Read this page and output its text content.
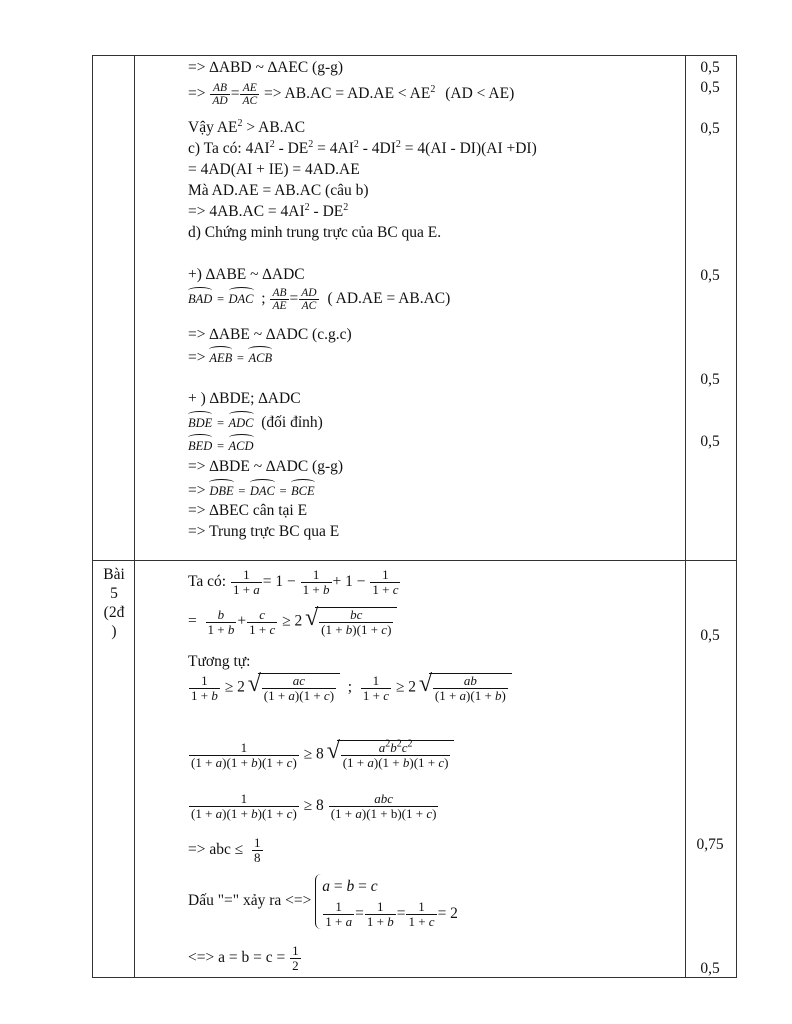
=> ∆ABD ~ ∆AEC (g-g)
=> $\frac{AB}{AD} = \frac{AE}{AC} => AB.AC = AD.AE < AE^2$ (AD < AE)
Vậy $AE^2 > AB.AC$
c) Ta có: $4AI^2 - DE^2 = 4AI^2 - 4DI^2 = 4(AI - DI)(AI +DI)$
= 4AD(AI + IE) = 4AD.AE
Mà AD.AE = AB.AC (câu b)
=> $4AB.AC = 4AI^2 - DE^2$
d) Chứng minh trung trực của BC qua E.
+) ∆ABE ~ ∆ADC
BAD = DAC  ; $\frac{AB}{AE} = \frac{AD}{AC}$ ( AD.AE = AB.AC)
=> ∆ABE ~ ∆ADC (c.g.c)
=> AEB = ACB
+ ) ∆BDE; ∆ADC
BDE = ADC (đối đỉnh)
BED = ACD
=> ∆BDE ~ ∆ADC (g-g)
=> DBE = DAC = BCE
=> ∆BEC cân tại E
=> Trung trực BC qua E
Bài
5
(2đ
)
Ta có: $\frac{1}{1 + a} = 1 - \frac{1}{1 + b} + 1 - \frac{1}{1 + c}$
= $\frac{b}{1 + b} + \frac{c}{1 + c} \ge 2$ √ $\frac{bc}{(1 + b)(1 + c)}$
Tương tự:
$\frac{1}{1 + b} \ge 2$ √ $\frac{ac}{(1 + a)(1 + c)}$ ; $\frac{1}{1 + c} \ge 2$ √ $\frac{ab}{(1 + a)(1 + b)}$
$\frac{1}{(1 + a)(1 + b)(1 + c)} \ge 8$ √ $\frac{a^2b^2c^2}{(1 + a)(1 + b)(1 + c)}$
$\frac{1}{(1 + a)(1 + b)(1 + c)} \ge 8 \frac{\text{abc}}{(1 + a)(1 + b)(1 + c)}$
=> abc ≤ $\frac{1}{8}$
Dấu "=" xảy ra <=>
a = b = c
$\frac{1}{1 + a} = \frac{1}{1 + b} = \frac{1}{1 + c} = 2$
<=> $a = b = c = \frac{1}{2}$
0,5
0,5
0,5
0,5
0,5
0,5
0,5
0,75
0,5
